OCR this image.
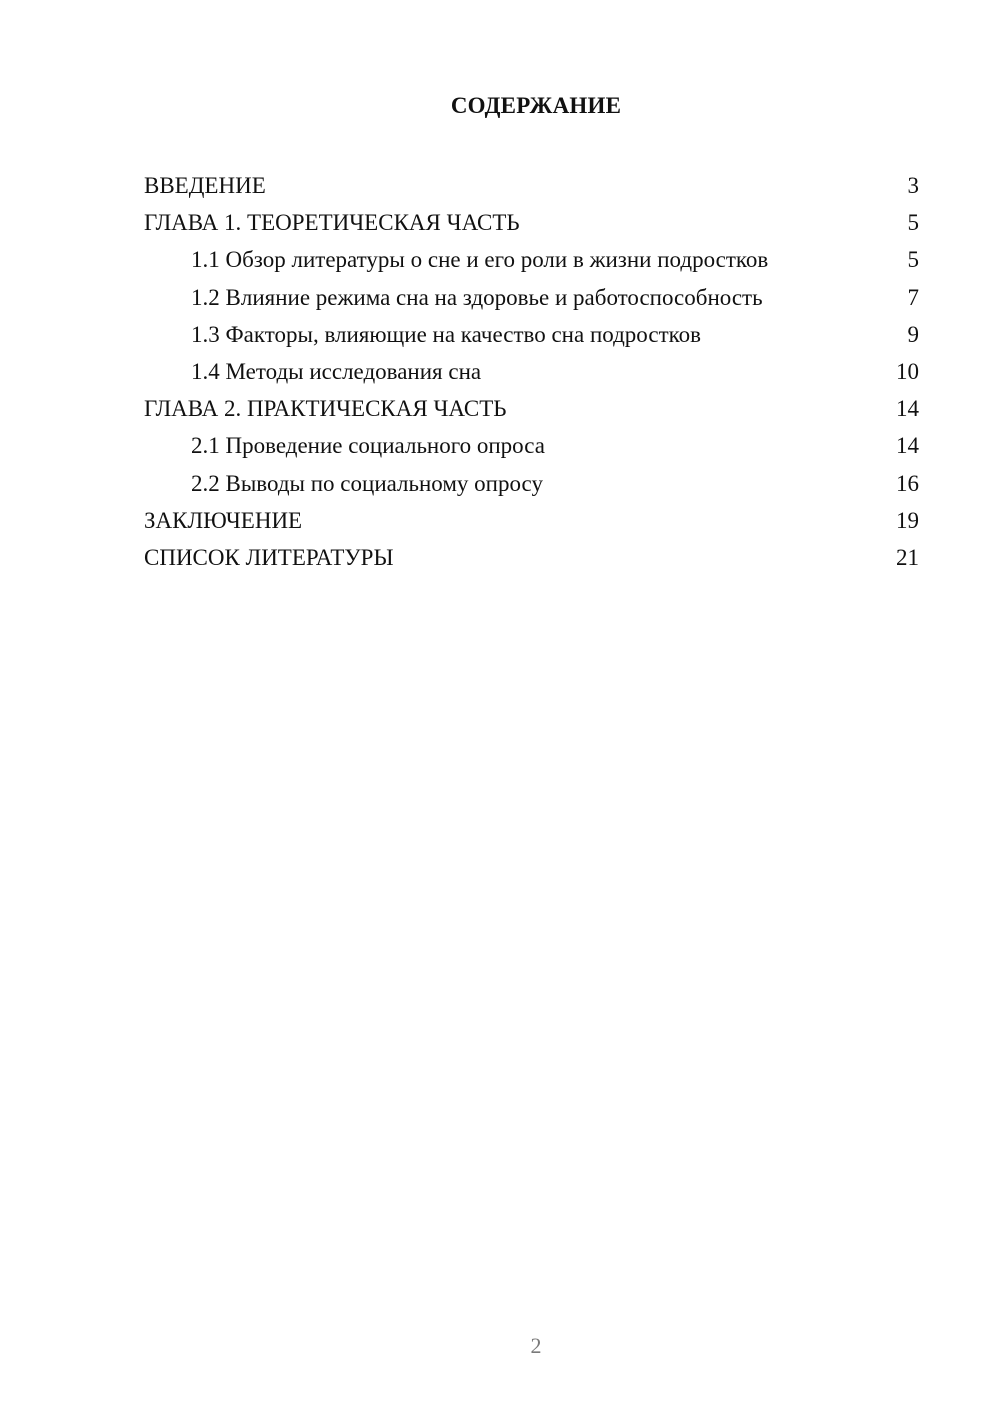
СОДЕРЖАНИЕ
ВВЕДЕНИЕ	3
ГЛАВА 1. ТЕОРЕТИЧЕСКАЯ ЧАСТЬ	5
1.1 Обзор литературы о сне и его роли в жизни подростков	5
1.2 Влияние режима сна на здоровье и работоспособность	7
1.3 Факторы, влияющие на качество сна подростков	9
1.4 Методы исследования сна	10
ГЛАВА 2. ПРАКТИЧЕСКАЯ ЧАСТЬ	14
2.1 Проведение социального опроса	14
2.2 Выводы по социальному опросу	16
ЗАКЛЮЧЕНИЕ	19
СПИСОК ЛИТЕРАТУРЫ	21
2
